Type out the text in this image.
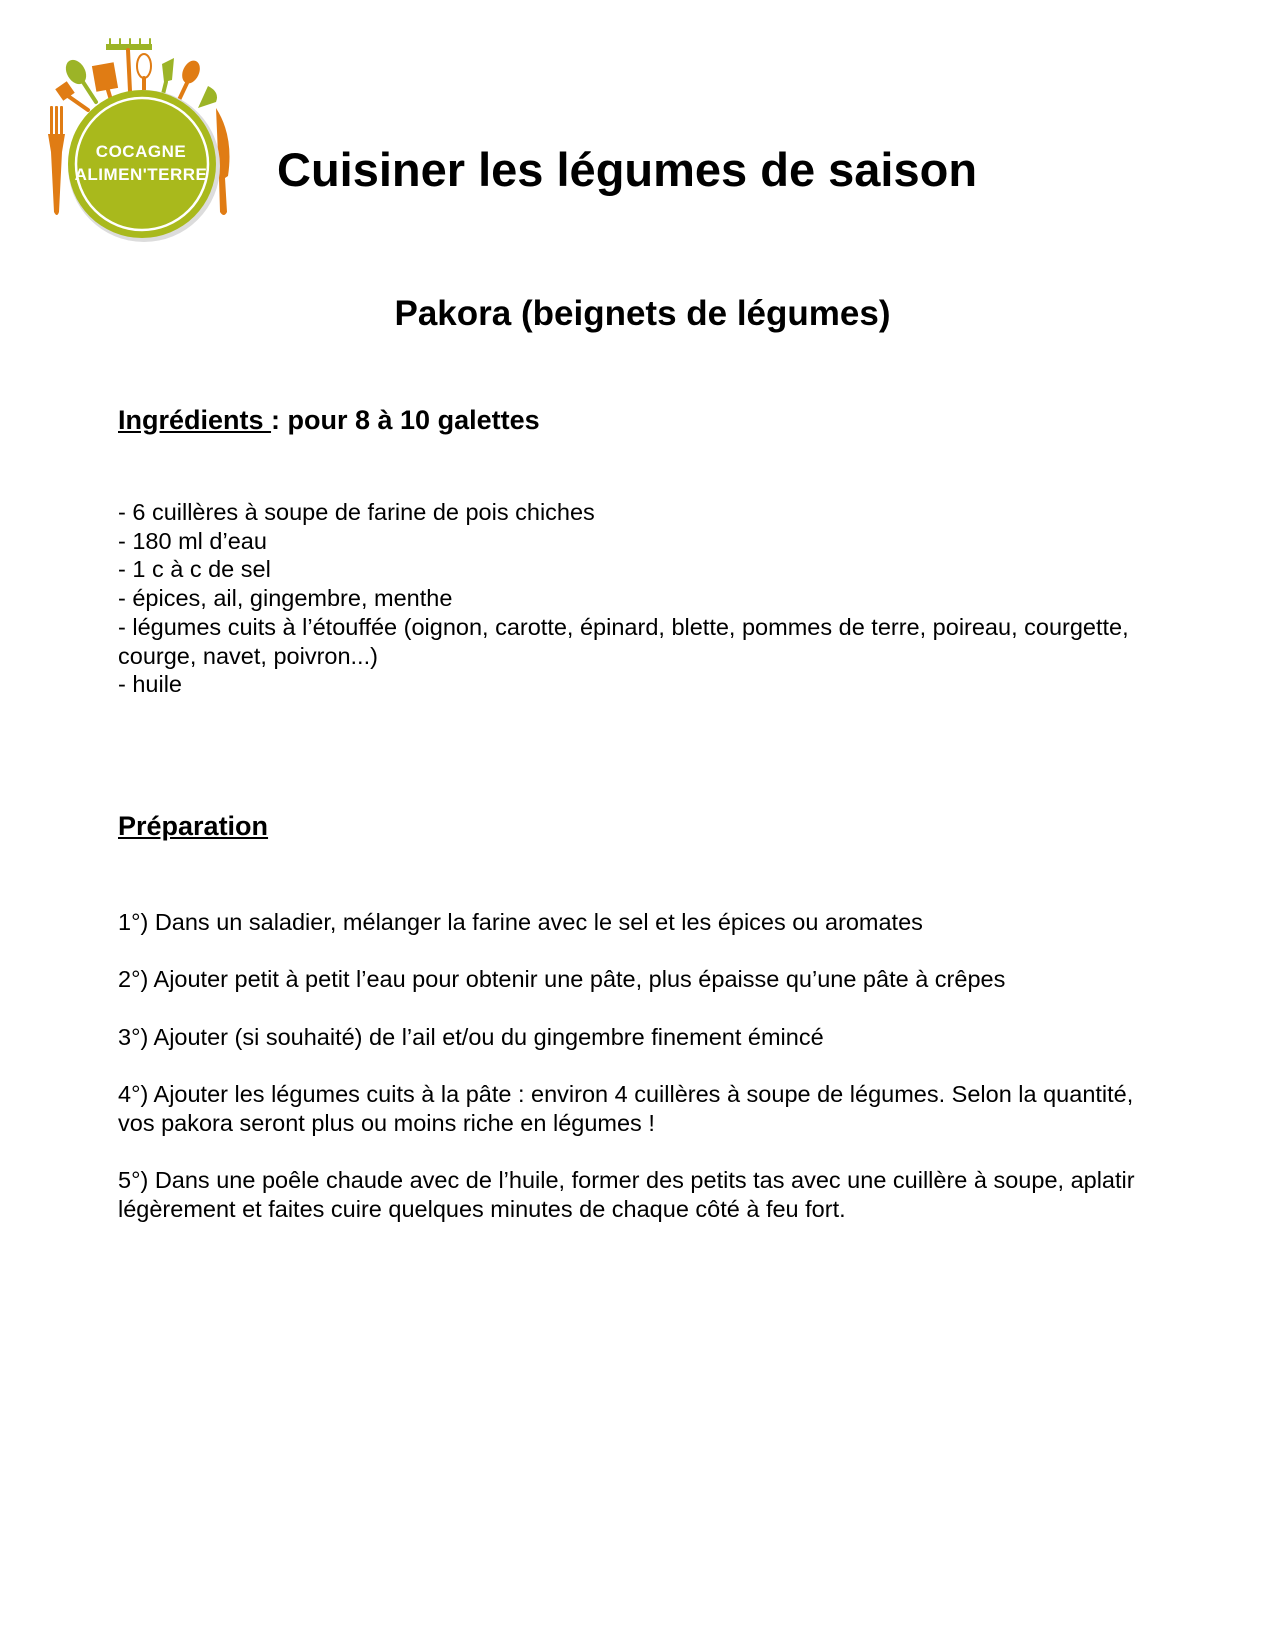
COCAGNE
ALIMEN'TERRE Cuisiner les légumes de saison
Pakora (beignets de légumes)
Ingrédients : pour 8 à 10 galettes
- 6 cuillères à soupe de farine de pois chiches
- 180 ml d’eau
- 1 c à c de sel
- épices, ail, gingembre, menthe
- légumes cuits à l’étouffée (oignon, carotte, épinard, blette, pommes de terre, poireau, courgette, courge, navet, poivron...)
- huile
Préparation
1°) Dans un saladier, mélanger la farine avec le sel et les épices ou aromates
2°) Ajouter petit à petit l’eau pour obtenir une pâte, plus épaisse qu’une pâte à crêpes
3°) Ajouter (si souhaité) de l’ail et/ou du gingembre finement émincé
4°) Ajouter les légumes cuits à la pâte : environ 4 cuillères à soupe de légumes. Selon la quantité, vos pakora seront plus ou moins riche en légumes !
5°) Dans une poêle chaude avec de l’huile, former des petits tas avec une cuillère à soupe, aplatir légèrement et faites cuire quelques minutes de chaque côté à feu fort.
